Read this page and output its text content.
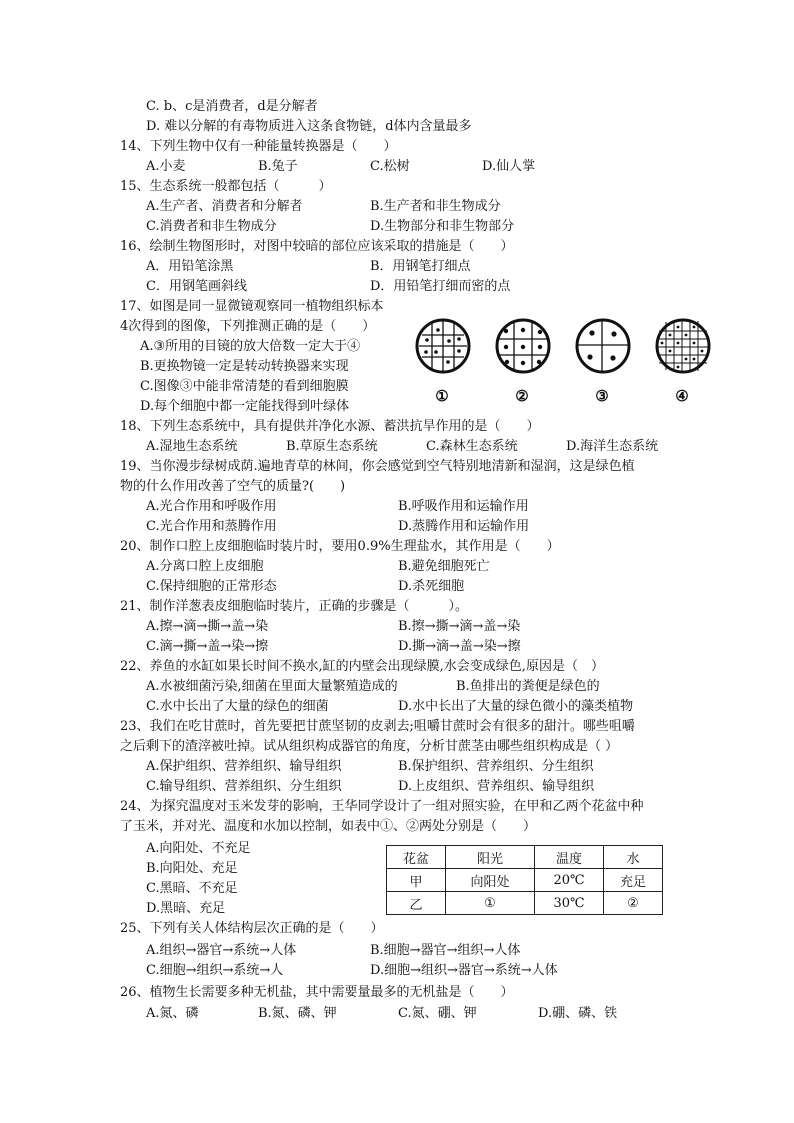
C. b、c是消费者，d是分解者
D. 难以分解的有毒物质进入这条食物链，d体内含量最多
14、下列生物中仅有一种能量转换器是（　　）
A.小麦	B.兔子	C.松树	D.仙人掌
15、生态系统一般都包括（　　　）
A.生产者、消费者和分解者	B.生产者和非生物成分
C.消费者和非生物成分	D.生物部分和非生物部分
16、绘制生物图形时，对图中较暗的部位应该采取的措施是（　　）
A．用铅笔涂黑	B．用钢笔打细点
C．用钢笔画斜线	D．用铅笔打细而密的点
17、如图是同一显微镜观察同一植物组织标本
4次得到的图像，下列推测正确的是（　　）
A.③所用的目镜的放大倍数一定大于④
B.更换物镜一定是转动转换器来实现
C.图像③中能非常清楚的看到细胞膜
D.每个细胞中都一定能找得到叶绿体
①	②	③	④
18、下列生态系统中，具有提供并净化水源、蓄洪抗旱作用的是（　　）
A.湿地生态系统	B.草原生态系统	C.森林生态系统	D.海洋生态系统
19、当你漫步绿树成荫.遍地青草的林间，你会感觉到空气特别地清新和湿润，这是绿色植
物的什么作用改善了空气的质量?(　　)
A.光合作用和呼吸作用	B.呼吸作用和运输作用
C.光合作用和蒸腾作用	D.蒸腾作用和运输作用
20、制作口腔上皮细胞临时装片时，要用0.9%生理盐水，其作用是（　　）
A.分离口腔上皮细胞	B.避免细胞死亡
C.保持细胞的正常形态	D.杀死细胞
21、制作洋葱表皮细胞临时装片，正确的步骤是（　　　）。
A.擦→滴→撕→盖→染	B.擦→撕→滴→盖→染
C.滴→撕→盖→染→擦	D.撕→滴→盖→染→擦
22、养鱼的水缸如果长时间不换水,缸的内壁会出现绿膜,水会变成绿色,原因是（　）
A.水被细菌污染,细菌在里面大量繁殖造成的	B.鱼排出的粪便是绿色的
C.水中长出了大量的绿色的细菌	D.水中长出了大量的绿色微小的藻类植物
23、我们在吃甘蔗时，首先要把甘蔗坚韧的皮剥去;咀嚼甘蔗时会有很多的甜汁。哪些咀嚼
之后剩下的渣滓被吐掉。试从组织构成器官的角度，分析甘蔗茎由哪些组织构成是（ ）
A.保护组织、营养组织、输导组织	B.保护组织、营养组织、分生组织
C.输导组织、营养组织、分生组织	D.上皮组织、营养组织、输导组织
24、为探究温度对玉米发芽的影响，王华同学设计了一组对照实验，在甲和乙两个花盆中种
了玉米，并对光、温度和水加以控制，如表中①、②两处分别是（　　）
A.向阳处、不充足
B.向阳处、充足
C.黑暗、不充足
D.黑暗、充足
花盆	阳光	温度	水
甲	向阳处	20℃	充足
乙	①	30℃	②
25、下列有关人体结构层次正确的是（　　）
A.组织→器官→系统→人体	B.细胞→器官→组织→人体
C.细胞→组织→系统→人	D.细胞→组织→器官→系统→人体
26、植物生长需要多种无机盐，其中需要量最多的无机盐是（　　）
A.氮、磷	B.氮、磷、钾	C.氮、硼、钾	D.硼、磷、铁
